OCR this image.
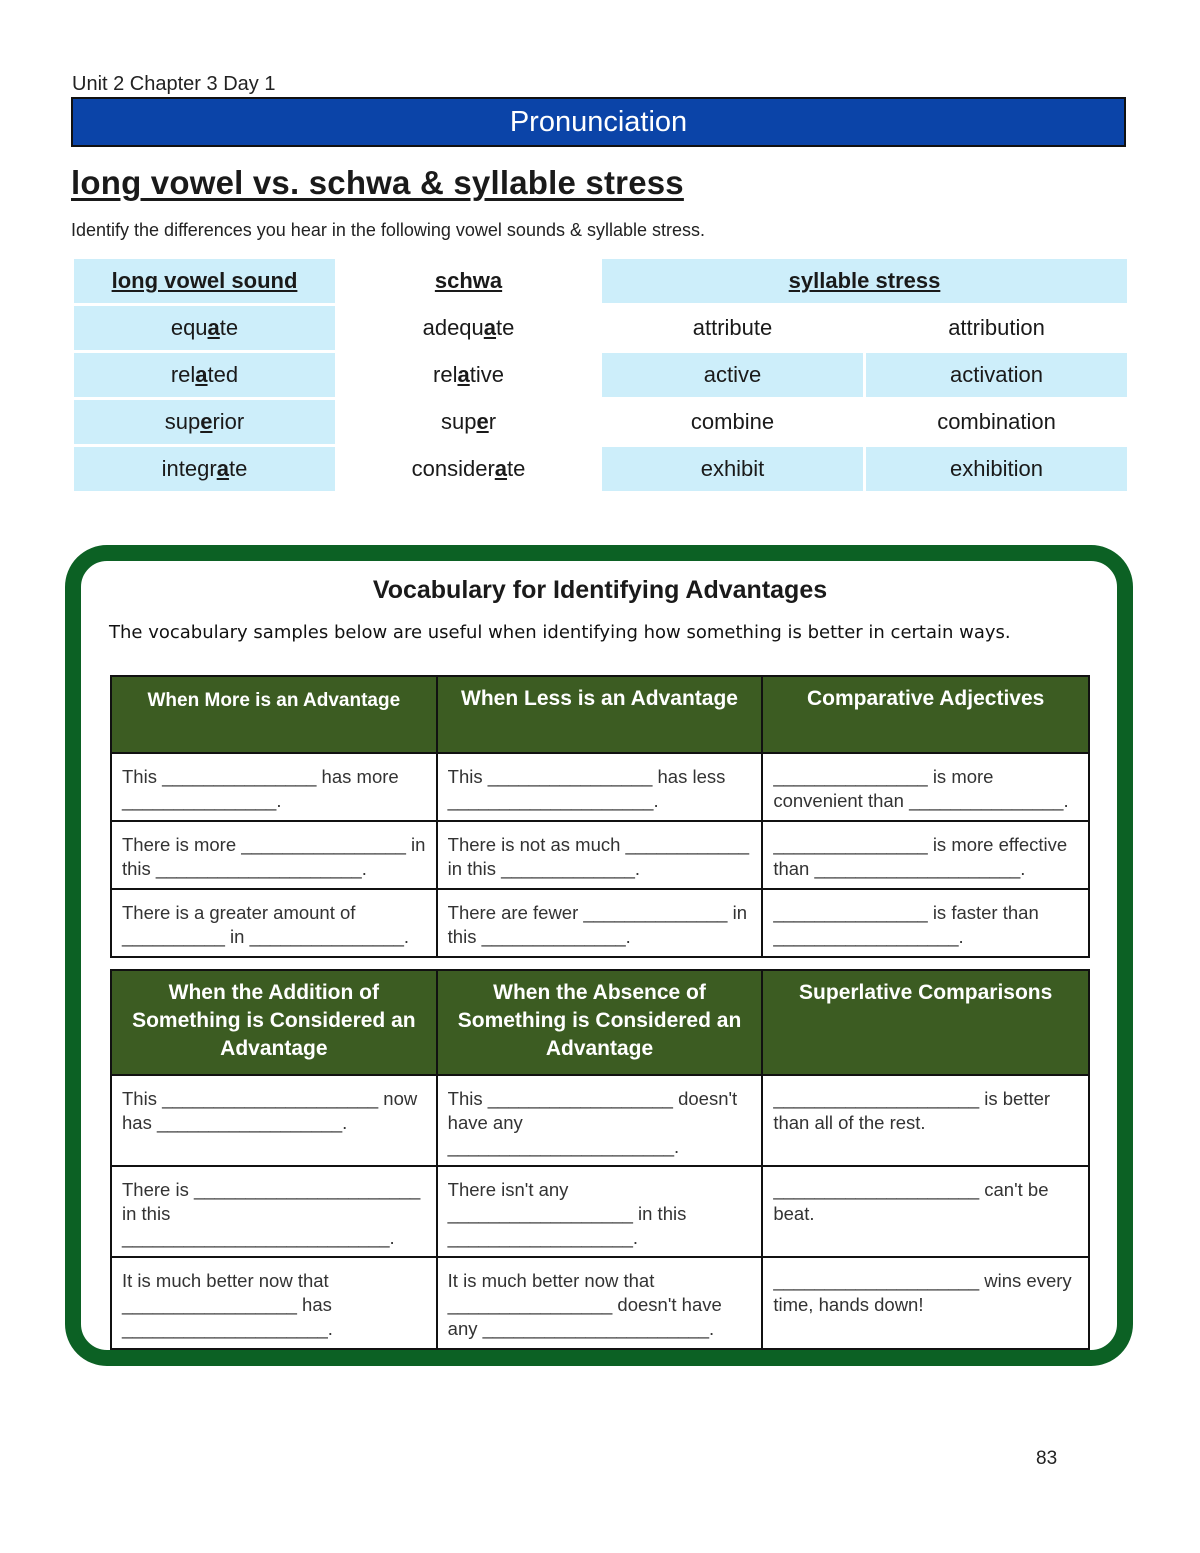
Unit 2 Chapter 3 Day 1
Pronunciation
long vowel vs. schwa & syllable stress
Identify the differences you hear in the following vowel sounds & syllable stress.
long vowel sound	schwa	syllable stress	
equate	adequate	attribute	attribution
related	relative	active	activation
superior	super	combine	combination
integrate	considerate	exhibit	exhibition
Vocabulary for Identifying Advantages
The vocabulary samples below are useful when identifying how something is better in certain ways.
When More is an Advantage	When Less is an Advantage	Comparative Adjectives
This _______________ has more _______________.	This ________________ has less ____________________.	_______________ is more convenient than _______________.
There is more ________________ in this ____________________.	There is not as much ____________ in this _____________.	_______________ is more effective than ____________________.
There is a greater amount of __________ in _______________.	There are fewer ______________ in this ______________.	_______________ is faster than __________________.
When the Addition of Something is Considered an Advantage	When the Absence of Something is Considered an Advantage	Superlative Comparisons
This _____________________ now has __________________.	This __________________ doesn't have any ______________________.	____________________ is better than all of the rest.
There is ______________________ in this __________________________.	There isn't any __________________ in this __________________.	____________________ can't be beat.
It is much better now that _________________ has ____________________.	It is much better now that ________________ doesn't have any ______________________.	____________________ wins every time, hands down!
83
